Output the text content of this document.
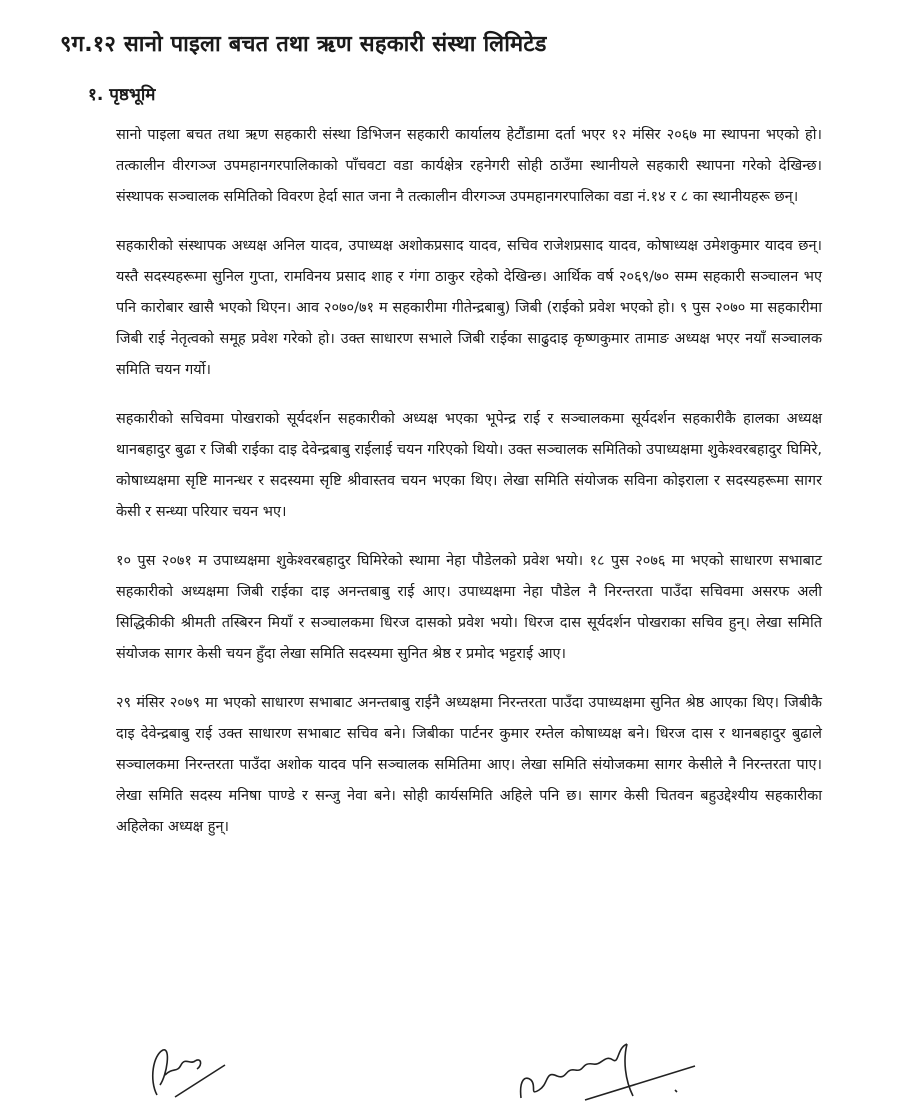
९ग.१२ सानो पाइला बचत तथा ऋण सहकारी संस्था लिमिटेड
१. पृष्ठभूमि

सानो पाइला बचत तथा ऋण सहकारी संस्था डिभिजन सहकारी कार्यालय हेटौंडामा दर्ता भएर १२ मंसिर २०६७ मा स्थापना भएको हो। तत्कालीन वीरगञ्ज उपमहानगरपालिकाको पाँचवटा वडा कार्यक्षेत्र रहनेगरी सोही ठाउँमा स्थानीयले सहकारी स्थापना गरेको देखिन्छ। संस्थापक सञ्चालक समितिको विवरण हेर्दा सात जना नै तत्कालीन वीरगञ्ज उपमहानगरपालिका वडा नं.१४ र ८ का स्थानीयहरू छन्।

सहकारीको संस्थापक अध्यक्ष अनिल यादव, उपाध्यक्ष अशोकप्रसाद यादव, सचिव राजेशप्रसाद यादव, कोषाध्यक्ष उमेशकुमार यादव छन्। यस्तै सदस्यहरूमा सुनिल गुप्ता, रामविनय प्रसाद शाह र गंगा ठाकुर रहेको देखिन्छ। आर्थिक वर्ष २०६९/७० सम्म सहकारी सञ्चालन भए पनि कारोबार खासै भएको थिएन। आव २०७०/७१ म सहकारीमा गीतेन्द्रबाबु) जिबी (राईको प्रवेश भएको हो। ९ पुस २०७० मा सहकारीमा जिबी राई नेतृत्वको समूह प्रवेश गरेको हो। उक्त साधारण सभाले जिबी राईका साढुदाइ कृष्णकुमार तामाङ अध्यक्ष भएर नयाँ सञ्चालक समिति चयन गर्यो।

सहकारीको सचिवमा पोखराको सूर्यदर्शन सहकारीको अध्यक्ष भएका भूपेन्द्र राई र सञ्चालकमा सूर्यदर्शन सहकारीकै हालका अध्यक्ष थानबहादुर बुढा र जिबी राईका दाइ देवेन्द्रबाबु राईलाई चयन गरिएको थियो। उक्त सञ्चालक समितिको उपाध्यक्षमा शुकेश्वरबहादुर घिमिरे, कोषाध्यक्षमा सृष्टि मानन्धर र सदस्यमा सृष्टि श्रीवास्तव चयन भएका थिए। लेखा समिति संयोजक सविना कोइराला र सदस्यहरूमा सागर केसी र सन्ध्या परियार चयन भए।

१० पुस २०७१ म उपाध्यक्षमा शुकेश्वरबहादुर घिमिरेको स्थामा नेहा पौडेलको प्रवेश भयो। १८ पुस २०७६ मा भएको साधारण सभाबाट सहकारीको अध्यक्षमा जिबी राईका दाइ अनन्तबाबु राई आए। उपाध्यक्षमा नेहा पौडेल नै निरन्तरता पाउँदा सचिवमा असरफ अली सिद्धिकीकी श्रीमती तस्बिरन मियाँ र सञ्चालकमा धिरज दासको प्रवेश भयो। धिरज दास सूर्यदर्शन पोखराका सचिव हुन्। लेखा समिति संयोजक सागर केसी चयन हुँदा लेखा समिति सदस्यमा सुनित श्रेष्ठ र प्रमोद भट्टराई आए।

२९ मंसिर २०७९ मा भएको साधारण सभाबाट अनन्तबाबु राईनै अध्यक्षमा निरन्तरता पाउँदा उपाध्यक्षमा सुनित श्रेष्ठ आएका थिए। जिबीकै दाइ देवेन्द्रबाबु राई उक्त साधारण सभाबाट सचिव बने। जिबीका पार्टनर कुमार रम्तेल कोषाध्यक्ष बने। धिरज दास र थानबहादुर बुढाले सञ्चालकमा निरन्तरता पाउँदा अशोक यादव पनि सञ्चालक समितिमा आए। लेखा समिति संयोजकमा सागर केसीले नै निरन्तरता पाए। लेखा समिति सदस्य मनिषा पाण्डे र सन्जु नेवा बने। सोही कार्यसमिति अहिले पनि छ। सागर केसी चितवन बहुउद्देश्यीय सहकारीका अहिलेका अध्यक्ष हुन्।
